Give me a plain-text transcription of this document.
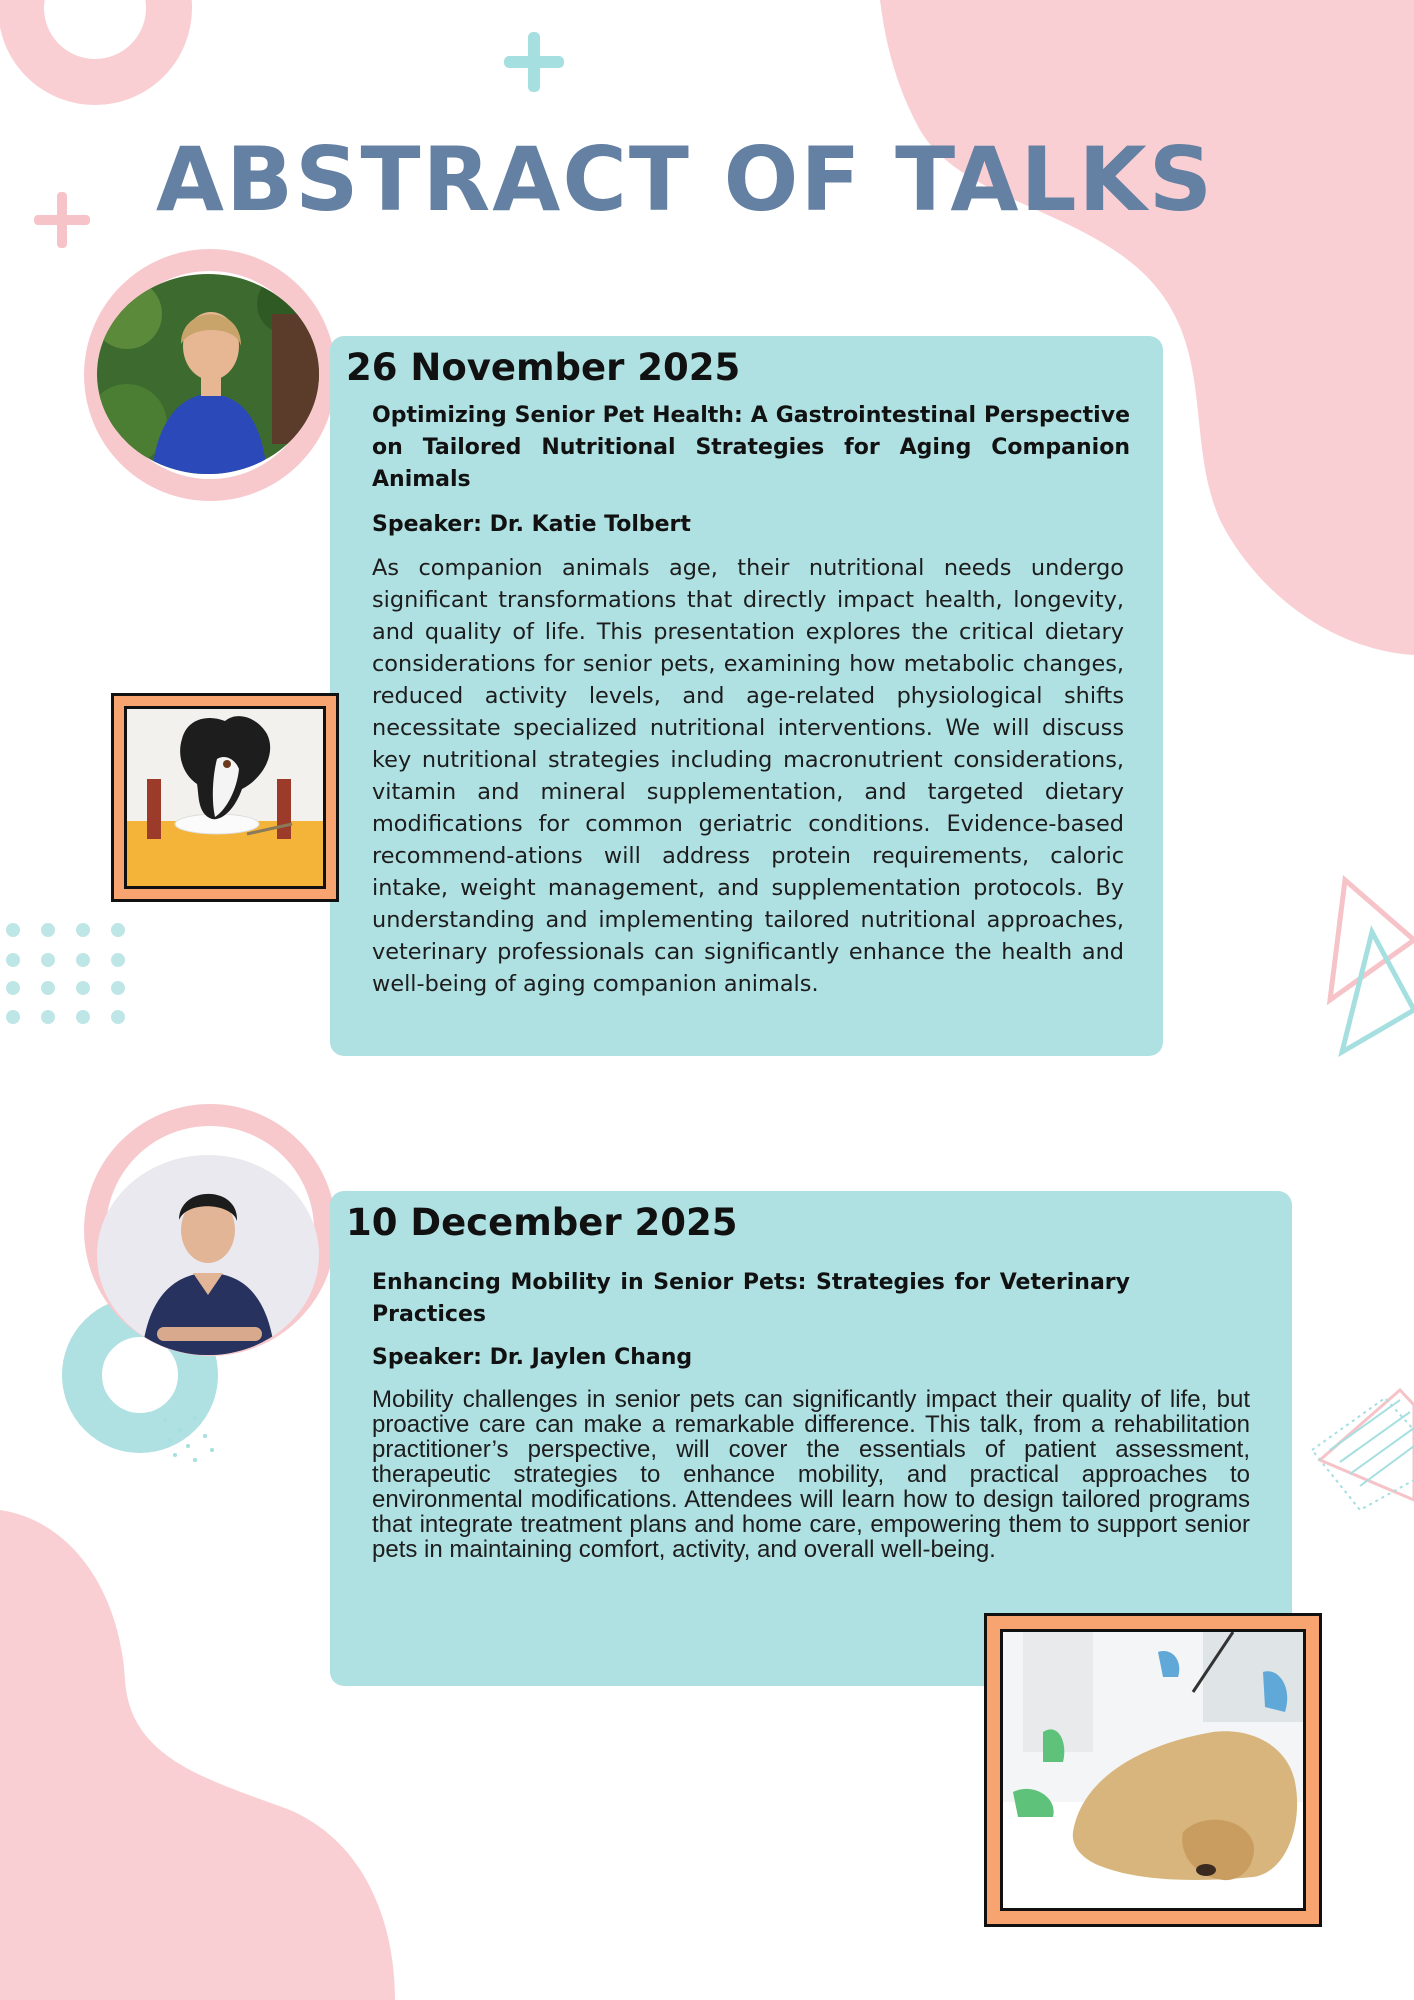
ABSTRACT OF TALKS
26 November 2025
Optimizing Senior Pet Health: A Gastrointestinal Perspective on Tailored Nutritional Strategies for Aging Companion Animals
Speaker: Dr. Katie Tolbert
As companion animals age, their nutritional needs undergo significant transformations that directly impact health, longevity, and quality of life. This presentation explores the critical dietary considerations for senior pets, examining how metabolic changes, reduced activity levels, and age-related physiological shifts necessitate specialized nutritional interventions. We will discuss key nutritional strategies including macronutrient considerations, vitamin and mineral supplementation, and targeted dietary modifications for common geriatric conditions. Evidence-based recommend-ations will address protein requirements, caloric intake, weight management, and supplementation protocols. By understanding and implementing tailored nutritional approaches, veterinary professionals can significantly enhance the health and well-being of aging companion animals.
10 December 2025
Enhancing Mobility in Senior Pets: Strategies for Veterinary Practices
Speaker: Dr. Jaylen Chang
Mobility challenges in senior pets can significantly impact their quality of life, but proactive care can make a remarkable difference. This talk, from a rehabilitation practitioner’s perspective, will cover the essentials of patient assessment, therapeutic strategies to enhance mobility, and practical approaches to environmental modifications. Attendees will learn how to design tailored programs that integrate treatment plans and home care, empowering them to support senior pets in maintaining comfort, activity, and overall well-being.
